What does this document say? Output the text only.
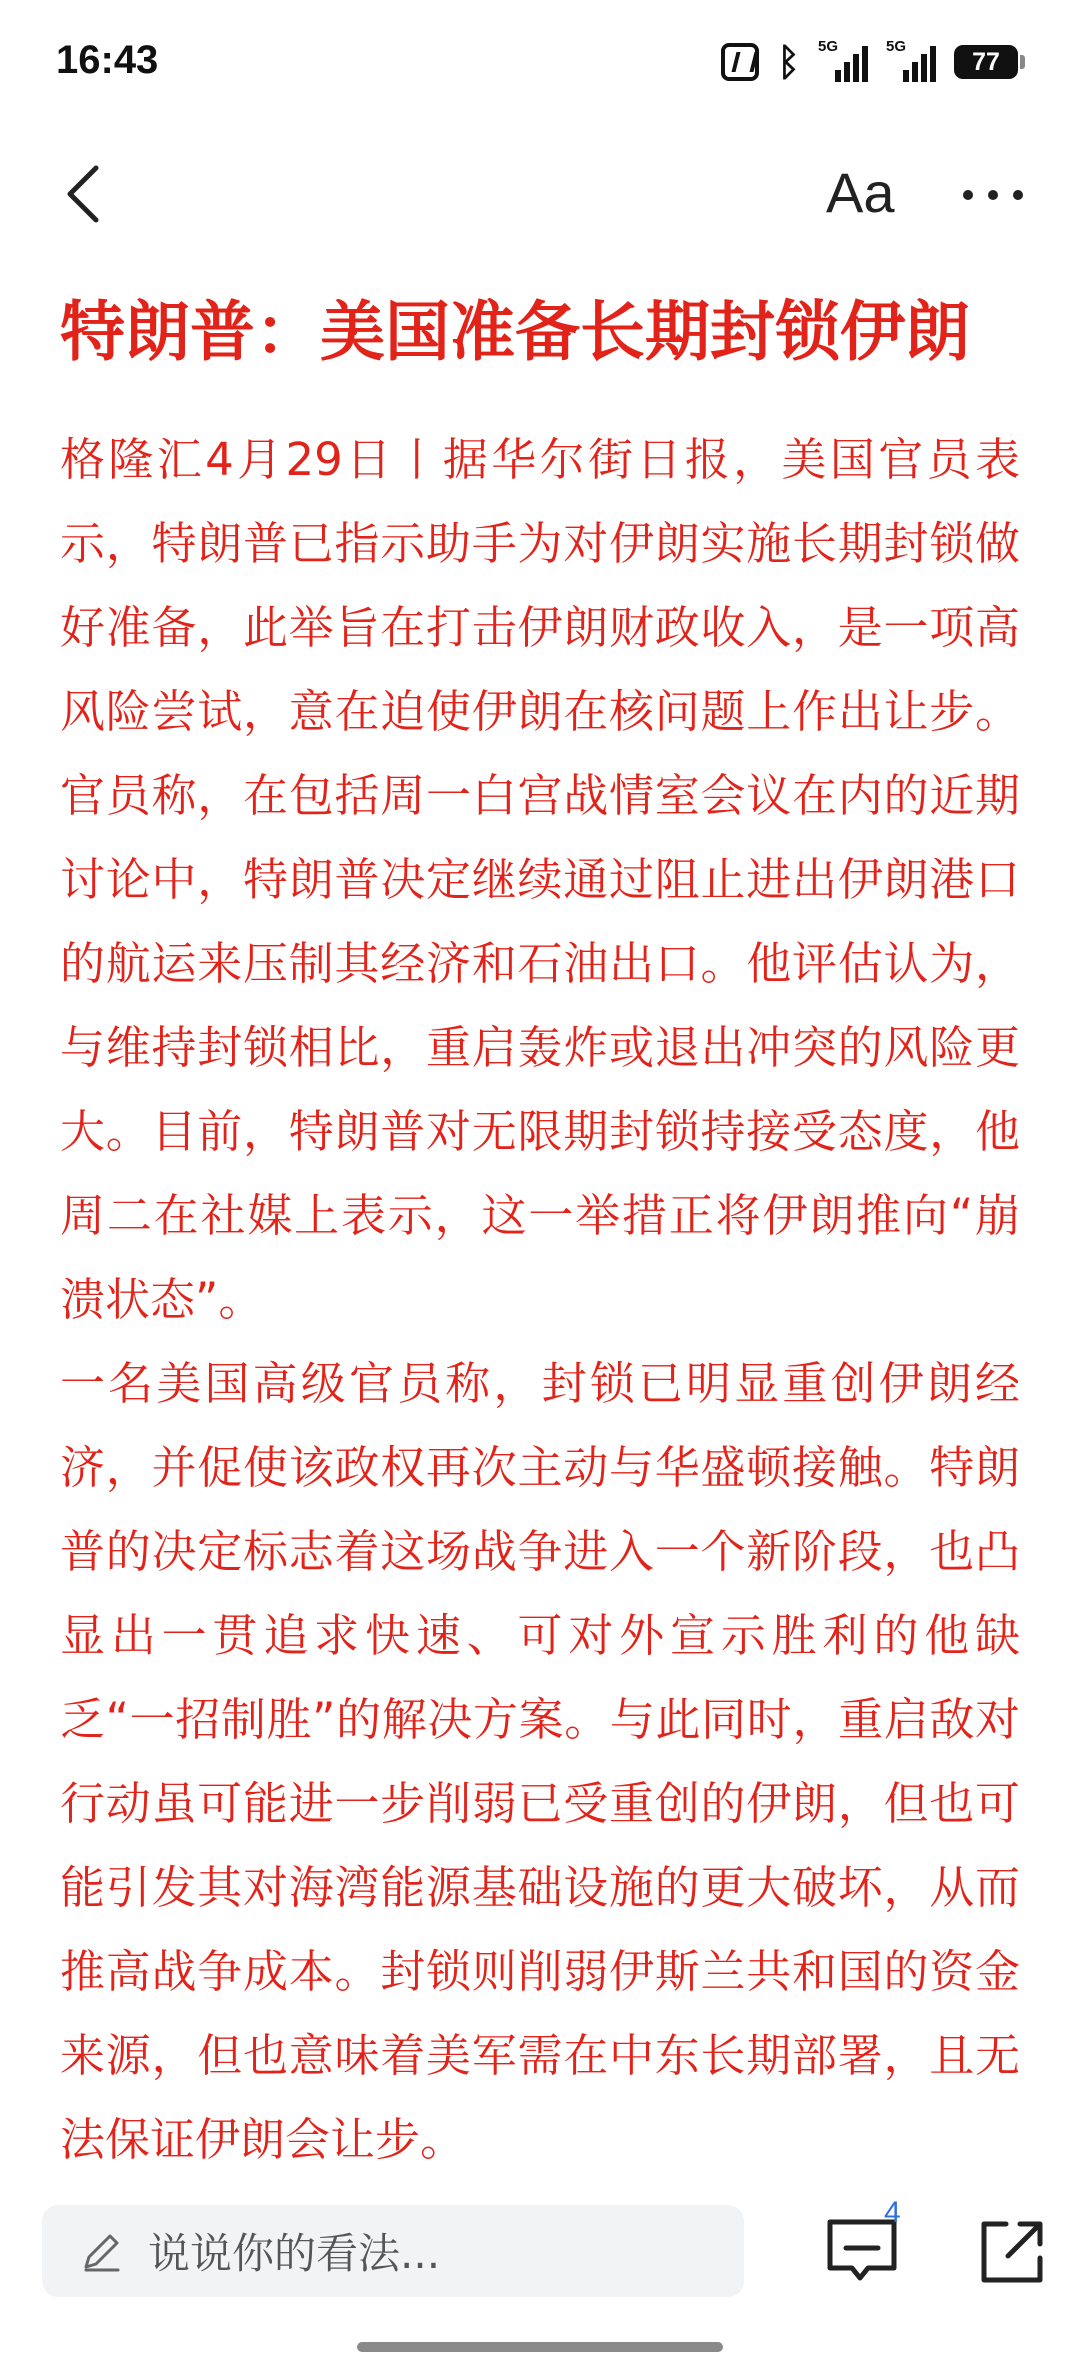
16:43	ᛒ 5G	5G
77
Aa
特朗普：美国准备长期封锁伊朗

格隆汇4月29日丨据华尔街日报，美国官员表示，特朗普已指示助手为对伊朗实施长期封锁做好准备，此举旨在打击伊朗财政收入，是一项高风险尝试，意在迫使伊朗在核问题上作出让步。官员称，在包括周一白宫战情室会议在内的近期讨论中，特朗普决定继续通过阻止进出伊朗港口的航运来压制其经济和石油出口。他评估认为，与维持封锁相比，重启轰炸或退出冲突的风险更大。目前，特朗普对无限期封锁持接受态度，他周二在社媒上表示，这一举措正将伊朗推向“崩溃状态”。

一名美国高级官员称，封锁已明显重创伊朗经济，并促使该政权再次主动与华盛顿接触。特朗普的决定标志着这场战争进入一个新阶段，也凸显出一贯追求快速、可对外宣示胜利的他缺乏“一招制胜”的解决方案。与此同时，重启敌对行动虽可能进一步削弱已受重创的伊朗，但也可能引发其对海湾能源基础设施的更大破坏，从而推高战争成本。封锁则削弱伊斯兰共和国的资金来源，但也意味着美军需在中东长期部署，且无法保证伊朗会让步。

说说你的看法...
4
